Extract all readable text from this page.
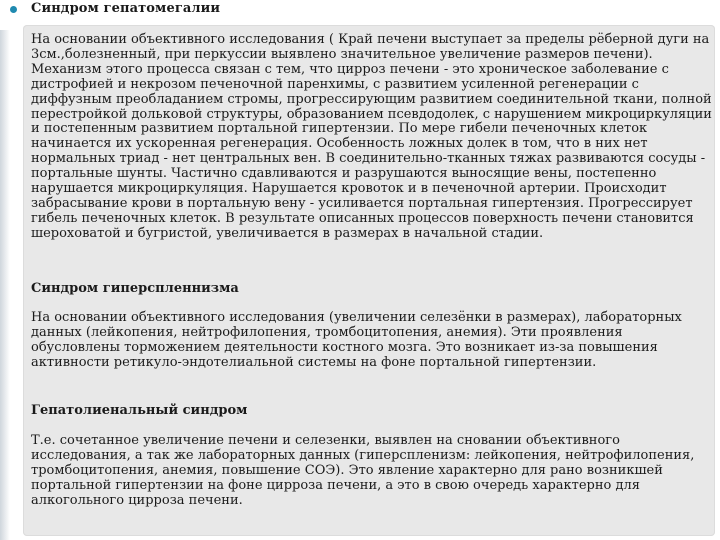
Синдром гепатомегалии

На основании объективного исследования ( Край печени выступает за пределы рёберной дуги на 3см.,болезненный, при перкуссии выявлено значительное увеличение размеров печени). Механизм этого процесса связан с тем, что цирроз печени - это хроническое заболевание с дистрофией и некрозом печеночной паренхимы, с развитием усиленной регенерации с диффузным преобладанием стромы, прогрессирующим развитием соединительной ткани, полной перестройкой дольковой структуры, образованием псевдодолек, с нарушением микроциркуляции и постепенным развитием портальной гипертензии. По мере гибели печеночных клеток начинается их ускоренная регенерация. Особенность ложных долек в том, что в них нет нормальных триад - нет центральных вен. В соединительно-тканных тяжах развиваются сосуды - портальные шунты. Частично сдавливаются и разрушаются выносящие вены, постепенно нарушается микроциркуляция. Нарушается кровоток и в печеночной артерии. Происходит забрасывание крови в портальную вену - усиливается портальная гипертензия. Прогрессирует гибель печеночных клеток. В результате описанных процессов поверхность печени становится шероховатой и бугристой, увеличивается в размерах в начальной стадии.

Синдром гиперспленнизма

На основании объективного исследования (увеличении селезёнки в размерах), лабораторных данных (лейкопения, нейтрофилопения, тромбоцитопения, анемия). Эти проявления обусловлены торможением деятельности костного мозга. Это возникает из-за повышения активности ретикуло-эндотелиальной системы на фоне портальной гипертензии.

Гепатолиенальный синдром

Т.е. сочетанное увеличение печени и селезенки, выявлен на сновании объективного исследования, а так же лабораторных данных (гиперспленизм: лейкопения, нейтрофилопения, тромбоцитопения, анемия, повышение СОЭ). Это явление характерно для рано возникшей портальной гипертензии на фоне цирроза печени, а это в свою очередь характерно для алкогольного цирроза печени.
